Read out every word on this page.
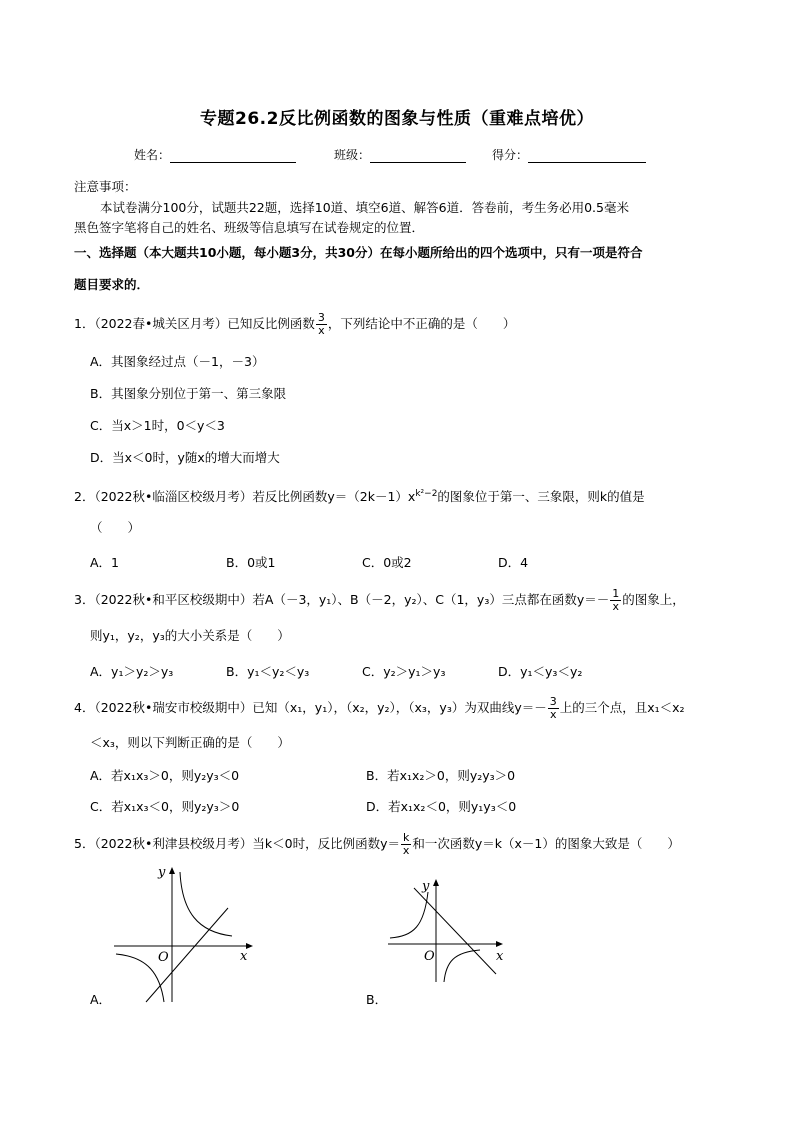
专题26.2反比例函数的图象与性质（重难点培优）
姓名：	班级：	得分：
注意事项：
本试卷满分100分，试题共22题，选择10道、填空6道、解答6道．答卷前，考生务必用0.5毫米
黑色签字笔将自己的姓名、班级等信息填写在试卷规定的位置．
一、选择题（本大题共10小题，每小题3分，共30分）在每小题所给出的四个选项中，只有一项是符合
题目要求的．
1．（2022春•城关区月考）已知反比例函数 $\frac{3}{x}$ ，下列结论中不正确的是（　　）
A．其图象经过点（－1，－3）
B．其图象分别位于第一、第三象限
C．当x＞1时，0＜y＜3
D．当x＜0时，y随x的增大而增大
2．（2022秋•临淄区校级月考）若反比例函数$y=(2k-1)x^{k^2-2}$的图象位于第一、三象限，则k的值是
（　　）
A．1	B．0或1	C．0或2	D．4
3．（2022秋•和平区校级期中）若A（－3，y₁）、B（－2，y₂）、C（1，y₃）三点都在函数$y=- \frac{1}{x}$ 的图象上，
则y₁，y₂，y₃的大小关系是（　　）
A．y₁＞y₂＞y₃	B．y₁＜y₂＜y₃	C．y₂＞y₁＞y₃	D．y₁＜y₃＜y₂
4．（2022秋•瑞安市校级期中）已知（x₁，y₁），（x₂，y₂），（x₃，y₃）为双曲线$y=- \frac{3}{x}$ 上的三个点，且x₁＜x₂
＜x₃，则以下判断正确的是（　　）
A．若x₁x₃＞0，则y₂y₃＜0	B．若x₁x₂＞0，则y₂y₃＞0
C．若x₁x₃＜0，则y₂y₃＞0	D．若x₁x₂＜0，则y₁y₃＜0
5．（2022秋•利津县校级月考）当k＜0时，反比例函数$y= \frac{k}{x}$ 和一次函数y＝k（x－1）的图象大致是（　　）
x
y
O
A．
x
y
O
B．
